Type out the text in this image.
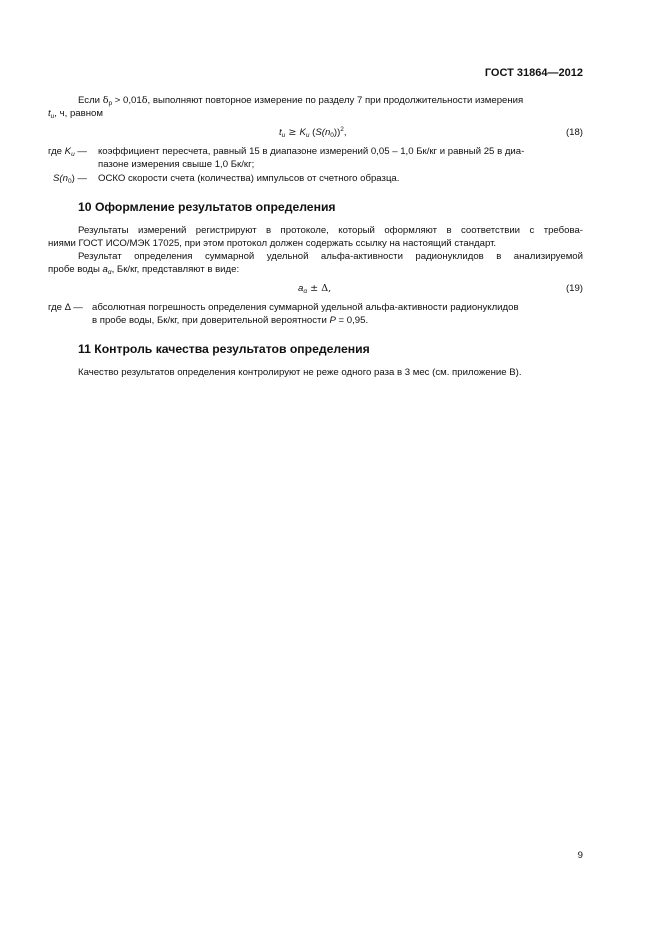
ГОСТ 31864—2012
Если $\delta_p > 0,01\delta$, выполняют повторное измерение по разделу 7 при продолжительности измерения
$t_и$, ч, равном
$t_и \ge K_и$ $(S(n_0))^2$,	(18)
где $K_и$ — коэффициент пересчета, равный 15 в диапазоне измерений 0,05 – 1,0 Бк/кг и равный 25 в диа-
пазоне измерения свыше 1,0 Бк/кг;
$S(n_0)$ — ОСКО скорости счета (количества) импульсов от счетного образца.
10 Оформление результатов определения
Результаты измерений регистрируют в протоколе, который оформляют в соответствии с требова-
ниями ГОСТ ИСО/МЭК 17025, при этом протокол должен содержать ссылку на настоящий стандарт.
Результат определения суммарной удельной альфа-активности радионуклидов в анализируемой
пробе воды $a_\alpha$, Бк/кг, представляют в виде:
$a_\alpha \pm \Delta$,	(19)
где Δ — абсолютная погрешность определения суммарной удельной альфа-активности радионуклидов
в пробе воды, Бк/кг, при доверительной вероятности P = 0,95.
11 Контроль качества результатов определения
Качество результатов определения контролируют не реже одного раза в 3 мес (см. приложение В).
9
